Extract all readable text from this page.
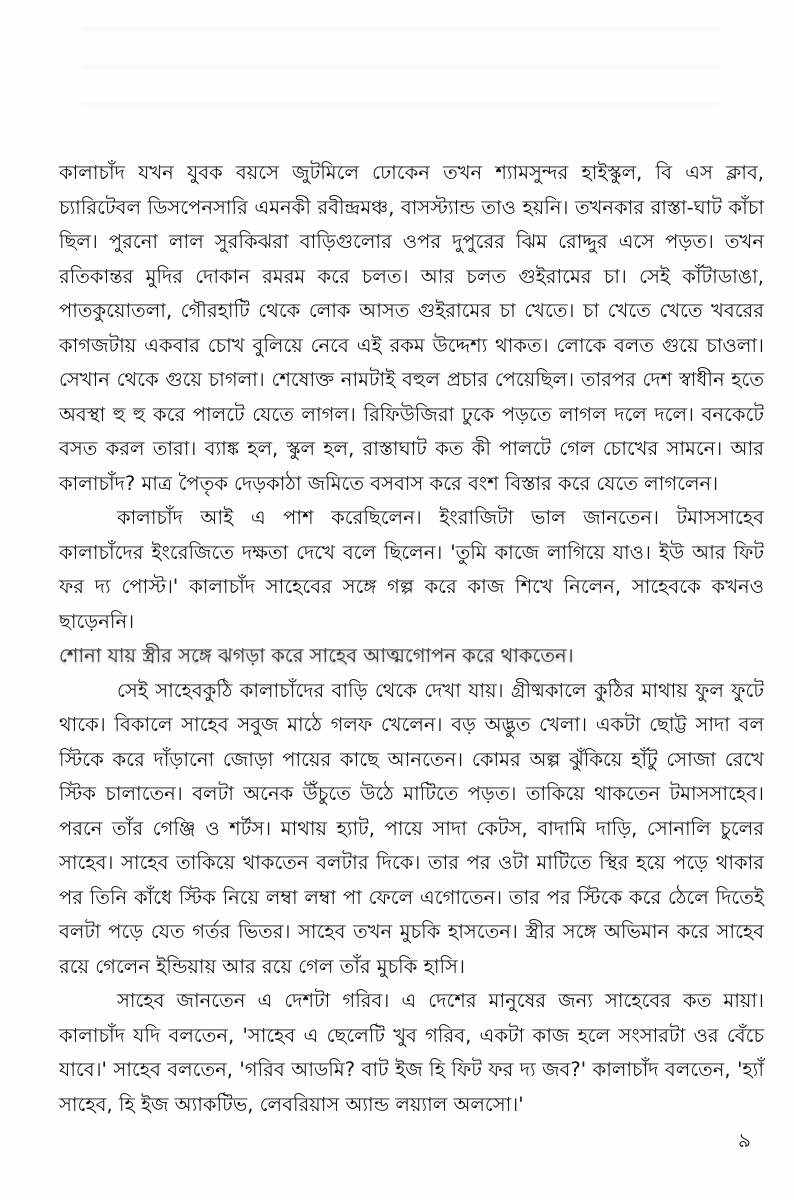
কালাচাঁদ যখন যুবক বয়সে জুটমিলে ঢোকেন তখন শ্যামসুন্দর হাইস্কুল, বি এস ক্লাব, চ্যারিটেবল ডিসপেনসারি এমনকী রবীন্দ্রমঞ্চ, বাসস্ট্যান্ড তাও হয়নি। তখনকার রাস্তা-ঘাট কাঁচা ছিল। পুরনো লাল সুরকিঝরা বাড়িগুলোর ওপর দুপুরের ঝিম রোদ্দুর এসে পড়ত। তখন রতিকান্তর মুদির দোকান রমরম করে চলত। আর চলত গুইরামের চা। সেই কাঁটাডাঙা, পাতকুয়োতলা, গৌরহাটি থেকে লোক আসত গুইরামের চা খেতে। চা খেতে খেতে খবরের কাগজটায় একবার চোখ বুলিয়ে নেবে এই রকম উদ্দেশ্য থাকত। লোকে বলত গুয়ে চাওলা। সেখান থেকে গুয়ে চাগলা। শেষোক্ত নামটাই বহুল প্রচার পেয়েছিল। তারপর দেশ স্বাধীন হতে অবস্থা হু হু করে পালটে যেতে লাগল। রিফিউজিরা ঢুকে পড়তে লাগল দলে দলে। বনকেটে বসত করল তারা। ব্যাঙ্ক হল, স্কুল হল, রাস্তাঘাট কত কী পালটে গেল চোখের সামনে। আর কালাচাঁদ? মাত্র পৈতৃক দেড়কাঠা জমিতে বসবাস করে বংশ বিস্তার করে যেতে লাগলেন।

কালাচাঁদ আই এ পাশ করেছিলেন। ইংরাজিটা ভাল জানতেন। টমাসসাহেব কালাচাঁদের ইংরেজিতে দক্ষতা দেখে বলে ছিলেন। 'তুমি কাজে লাগিয়ে যাও। ইউ আর ফিট ফর দ্য পোস্ট।' কালাচাঁদ সাহেবের সঙ্গে গল্প করে কাজ শিখে নিলেন, সাহেবকে কখনও ছাড়েননি।

শোনা যায় স্ত্রীর সঙ্গে ঝগড়া করে সাহেব আত্মগোপন করে থাকতেন।

সেই সাহেবকুঠি কালাচাঁদের বাড়ি থেকে দেখা যায়। গ্রীষ্মকালে কুঠির মাথায় ফুল ফুটে থাকে। বিকালে সাহেব সবুজ মাঠে গলফ খেলেন। বড় অদ্ভুত খেলা। একটা ছোট্ট সাদা বল স্টিকে করে দাঁড়ানো জোড়া পায়ের কাছে আনতেন। কোমর অল্প ঝুঁকিয়ে হাঁটু সোজা রেখে স্টিক চালাতেন। বলটা অনেক উঁচুতে উঠে মাটিতে পড়ত। তাকিয়ে থাকতেন টমাসসাহেব। পরনে তাঁর গেঞ্জি ও শর্টস। মাথায় হ্যাট, পায়ে সাদা কেটস, বাদামি দাড়ি, সোনালি চুলের সাহেব। সাহেব তাকিয়ে থাকতেন বলটার দিকে। তার পর ওটা মাটিতে স্থির হয়ে পড়ে থাকার পর তিনি কাঁধে স্টিক নিয়ে লম্বা লম্বা পা ফেলে এগোতেন। তার পর স্টিকে করে ঠেলে দিতেই বলটা পড়ে যেত গর্তর ভিতর। সাহেব তখন মুচকি হাসতেন। স্ত্রীর সঙ্গে অভিমান করে সাহেব রয়ে গেলেন ইন্ডিয়ায় আর রয়ে গেল তাঁর মুচকি হাসি।

সাহেব জানতেন এ দেশটা গরিব। এ দেশের মানুষের জন্য সাহেবের কত মায়া। কালাচাঁদ যদি বলতেন, 'সাহেব এ ছেলেটি খুব গরিব, একটা কাজ হলে সংসারটা ওর বেঁচে যাবে।' সাহেব বলতেন, 'গরিব আডমি? বাট ইজ হি ফিট ফর দ্য জব?' কালাচাঁদ বলতেন, 'হ্যাঁ সাহেব, হি ইজ অ্যাকটিভ, লেবরিয়াস অ্যান্ড লয়্যাল অলসো।'

৯
